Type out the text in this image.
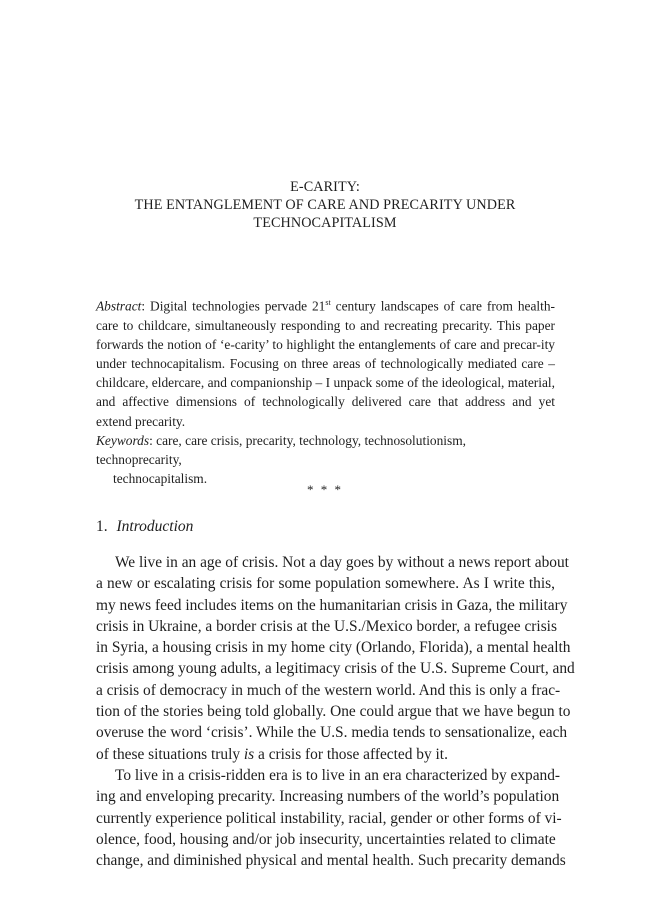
E-CARITY:
THE ENTANGLEMENT OF CARE AND PRECARITY UNDER
TECHNOCAPITALISM

Abstract: Digital technologies pervade 21st century landscapes of care from health-care to childcare, simultaneously responding to and recreating precarity. This paper forwards the notion of ‘e-carity’ to highlight the entanglements of care and precar-ity under technocapitalism. Focusing on three areas of technologically mediated care – childcare, eldercare, and companionship – I unpack some of the ideological, material, and affective dimensions of technologically delivered care that address and yet extend precarity.

Keywords: care, care crisis, precarity, technology, technosolutionism, technoprecarity,
technocapitalism.
* * *
1. Introduction
We live in an age of crisis. Not a day goes by without a news report about
a new or escalating crisis for some population somewhere. As I write this,
my news feed includes items on the humanitarian crisis in Gaza, the military
crisis in Ukraine, a border crisis at the U.S./Mexico border, a refugee crisis
in Syria, a housing crisis in my home city (Orlando, Florida), a mental health
crisis among young adults, a legitimacy crisis of the U.S. Supreme Court, and
a crisis of democracy in much of the western world. And this is only a frac-
tion of the stories being told globally. One could argue that we have begun to
overuse the word ‘crisis’. While the U.S. media tends to sensationalize, each
of these situations truly is a crisis for those affected by it.
To live in a crisis-ridden era is to live in an era characterized by expand-
ing and enveloping precarity. Increasing numbers of the world’s population
currently experience political instability, racial, gender or other forms of vi-
olence, food, housing and/or job insecurity, uncertainties related to climate
change, and diminished physical and mental health. Such precarity demands
